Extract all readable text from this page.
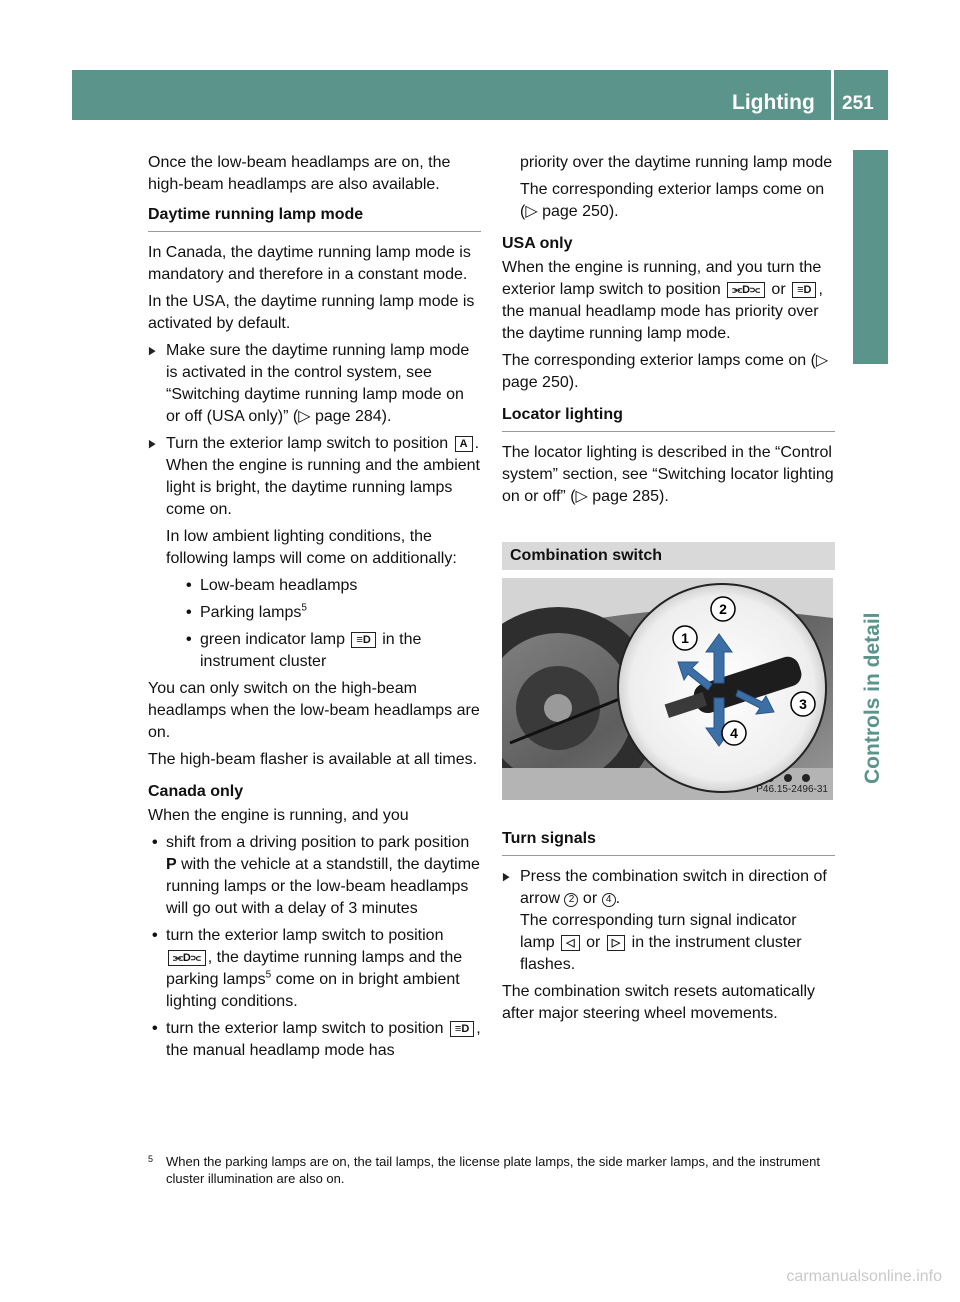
Lighting 251
Controls in detail

Once the low-beam headlamps are on, the high-beam headlamps are also available.

Daytime running lamp mode

In Canada, the daytime running lamp mode is mandatory and therefore in a constant mode.

In the USA, the daytime running lamp mode is activated by default.

▶ Make sure the daytime running lamp mode is activated in the control system, see “Switching daytime running lamp mode on or off (USA only)” (▷ page 284).
▶ Turn the exterior lamp switch to position A .
When the engine is running and the ambient light is bright, the daytime running lamps come on.

In low ambient lighting conditions, the following lamps will come on additionally:

• Low-beam headlamps
• Parking lamps$^5$
• green indicator lamp ≡D in the instrument cluster

You can only switch on the high-beam headlamps when the low-beam headlamps are on.

The high-beam flasher is available at all times.

Canada only

When the engine is running, and you

• shift from a driving position to park position P with the vehicle at a standstill, the daytime running lamps or the low-beam headlamps will go out with a delay of 3 minutes
• turn the exterior lamp switch to position ⫘D⫗ , the daytime running lamps and the parking lamps$^5$ come on in bright ambient lighting conditions.
• turn the exterior lamp switch to position ≡D , the manual headlamp mode has

priority over the daytime running lamp mode

The corresponding exterior lamps come on (▷ page 250).

USA only

When the engine is running, and you turn the exterior lamp switch to position ⫘D⫗ or ≡D , the manual headlamp mode has priority over the daytime running lamp mode.

The corresponding exterior lamps come on (▷ page 250).

Locator lighting

The locator lighting is described in the “Control system” section, see “Switching locator lighting on or off” (▷ page 285).

Combination switch
1
2
3
4
P46.15-2496-31
Turn signals
▶ Press the combination switch in direction of arrow 2 or 4 .
The corresponding turn signal indicator lamp ◁ or ▷ in the instrument cluster flashes.

The combination switch resets automatically after major steering wheel movements.

5 When the parking lamps are on, the tail lamps, the license plate lamps, the side marker lamps, and the instrument cluster illumination are also on.
carmanualsonline.info
